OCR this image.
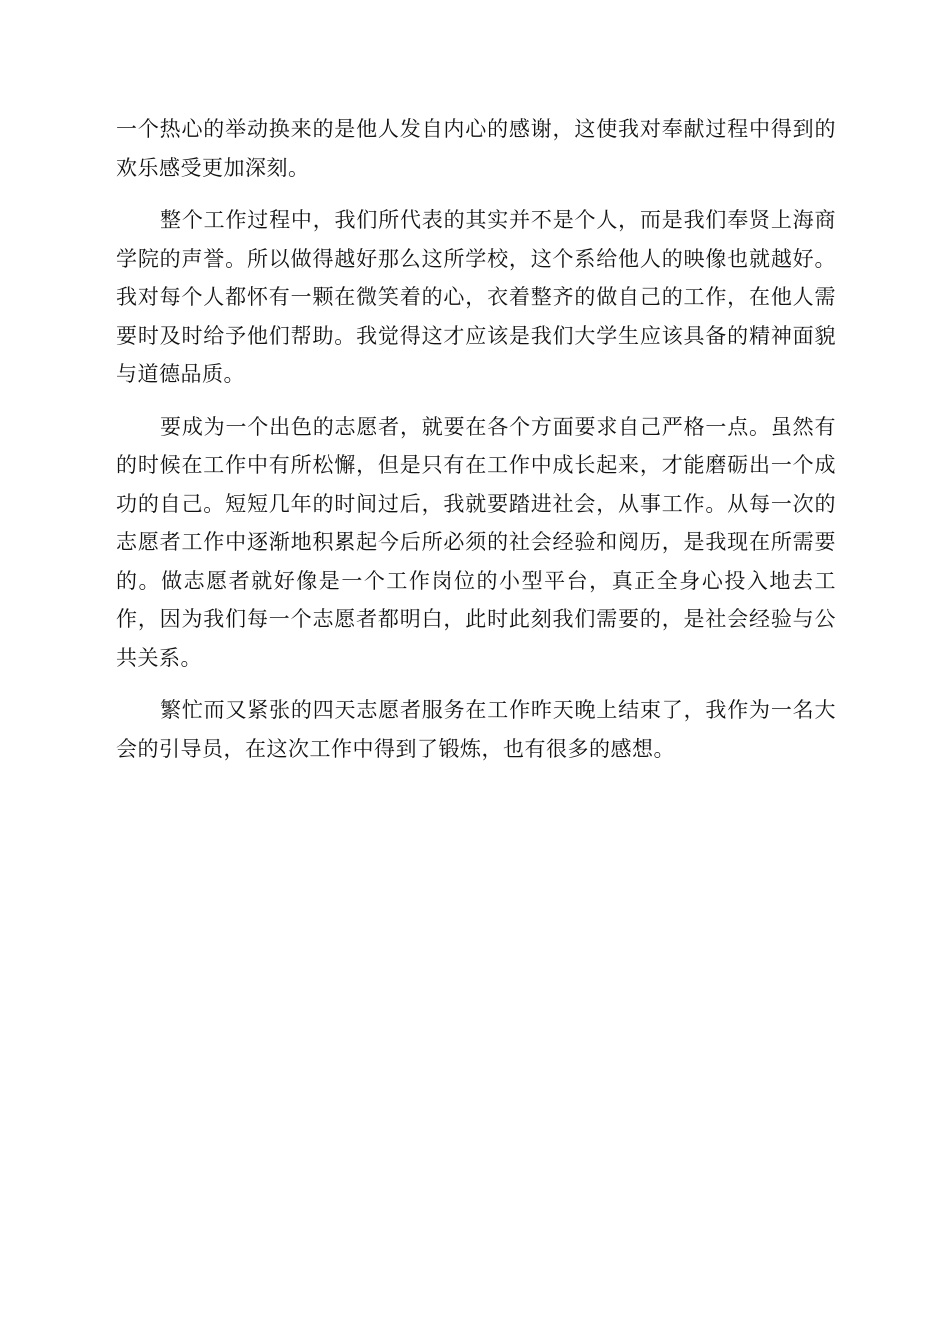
一个热心的举动换来的是他人发自内心的感谢，这使我对奉献过程中得到的欢乐感受更加深刻。

整个工作过程中，我们所代表的其实并不是个人，而是我们奉贤上海商学院的声誉。所以做得越好那么这所学校，这个系给他人的映像也就越好。我对每个人都怀有一颗在微笑着的心，衣着整齐的做自己的工作，在他人需要时及时给予他们帮助。我觉得这才应该是我们大学生应该具备的精神面貌与道德品质。

要成为一个出色的志愿者，就要在各个方面要求自己严格一点。虽然有的时候在工作中有所松懈，但是只有在工作中成长起来，才能磨砺出一个成功的自己。短短几年的时间过后，我就要踏进社会，从事工作。从每一次的志愿者工作中逐渐地积累起今后所必须的社会经验和阅历，是我现在所需要的。做志愿者就好像是一个工作岗位的小型平台，真正全身心投入地去工作，因为我们每一个志愿者都明白，此时此刻我们需要的，是社会经验与公共关系。

繁忙而又紧张的四天志愿者服务在工作昨天晚上结束了，我作为一名大会的引导员，在这次工作中得到了锻炼，也有很多的感想。
